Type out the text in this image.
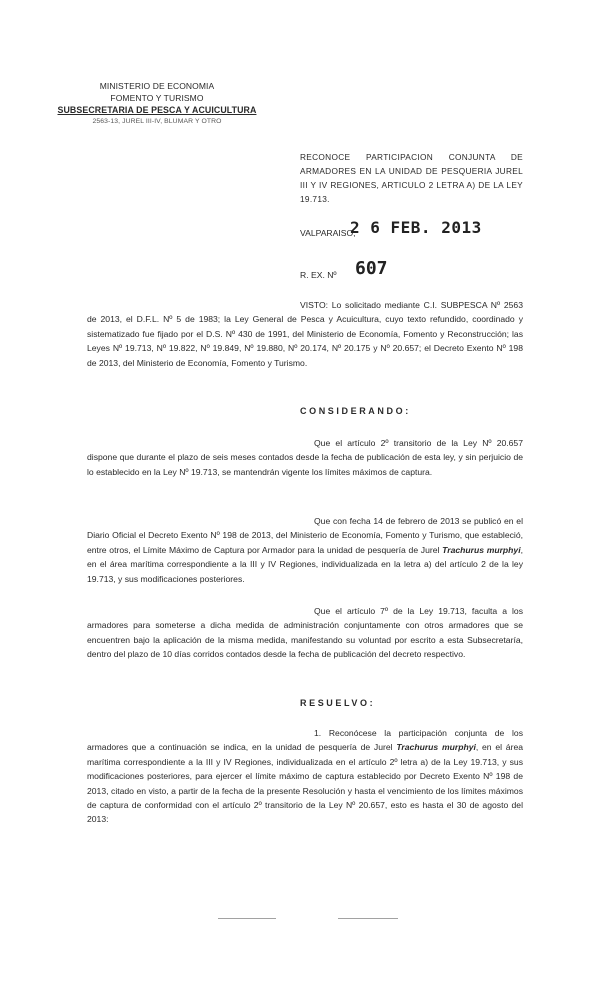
MINISTERIO DE ECONOMIA
FOMENTO Y TURISMO
SUBSECRETARIA DE PESCA Y ACUICULTURA
2563-13, JUREL III-IV, BLUMAR Y OTRO
RECONOCE PARTICIPACION CONJUNTA DE ARMADORES EN LA UNIDAD DE PESQUERIA JUREL III Y IV REGIONES, ARTICULO 2 LETRA A) DE LA LEY 19.713.
VALPARAISO,
2 6 FEB. 2013
R. EX. Nº 607
VISTO: Lo solicitado mediante C.I. SUBPESCA Nº 2563 de 2013, el D.F.L. Nº 5 de 1983; la Ley General de Pesca y Acuicultura, cuyo texto refundido, coordinado y sistematizado fue fijado por el D.S. Nº 430 de 1991, del Ministerio de Economía, Fomento y Reconstrucción; las Leyes Nº 19.713, Nº 19.822, Nº 19.849, Nº 19.880, Nº 20.174, Nº 20.175 y Nº 20.657; el Decreto Exento Nº 198 de 2013, del Ministerio de Economía, Fomento y Turismo.
CONSIDERANDO:
Que el artículo 2º transitorio de la Ley Nº 20.657 dispone que durante el plazo de seis meses contados desde la fecha de publicación de esta ley, y sin perjuicio de lo establecido en la Ley Nº 19.713, se mantendrán vigente los límites máximos de captura.
Que con fecha 14 de febrero de 2013 se publicó en el Diario Oficial el Decreto Exento Nº 198 de 2013, del Ministerio de Economía, Fomento y Turismo, que estableció, entre otros, el Límite Máximo de Captura por Armador para la unidad de pesquería de Jurel Trachurus murphyi, en el área marítima correspondiente a la III y IV Regiones, individualizada en la letra a) del artículo 2 de la ley 19.713, y sus modificaciones posteriores.
Que el artículo 7º de la Ley 19.713, faculta a los armadores para someterse a dicha medida de administración conjuntamente con otros armadores que se encuentren bajo la aplicación de la misma medida, manifestando su voluntad por escrito a esta Subsecretaría, dentro del plazo de 10 días corridos contados desde la fecha de publicación del decreto respectivo.
RESUELVO:
1. Reconócese la participación conjunta de los armadores que a continuación se indica, en la unidad de pesquería de Jurel Trachurus murphyi, en el área marítima correspondiente a la III y IV Regiones, individualizada en el artículo 2º letra a) de la Ley 19.713, y sus modificaciones posteriores, para ejercer el límite máximo de captura establecido por Decreto Exento Nº 198 de 2013, citado en visto, a partir de la fecha de la presente Resolución y hasta el vencimiento de los límites máximos de captura de conformidad con el artículo 2º transitorio de la Ley Nº 20.657, esto es hasta el 30 de agosto del 2013:
